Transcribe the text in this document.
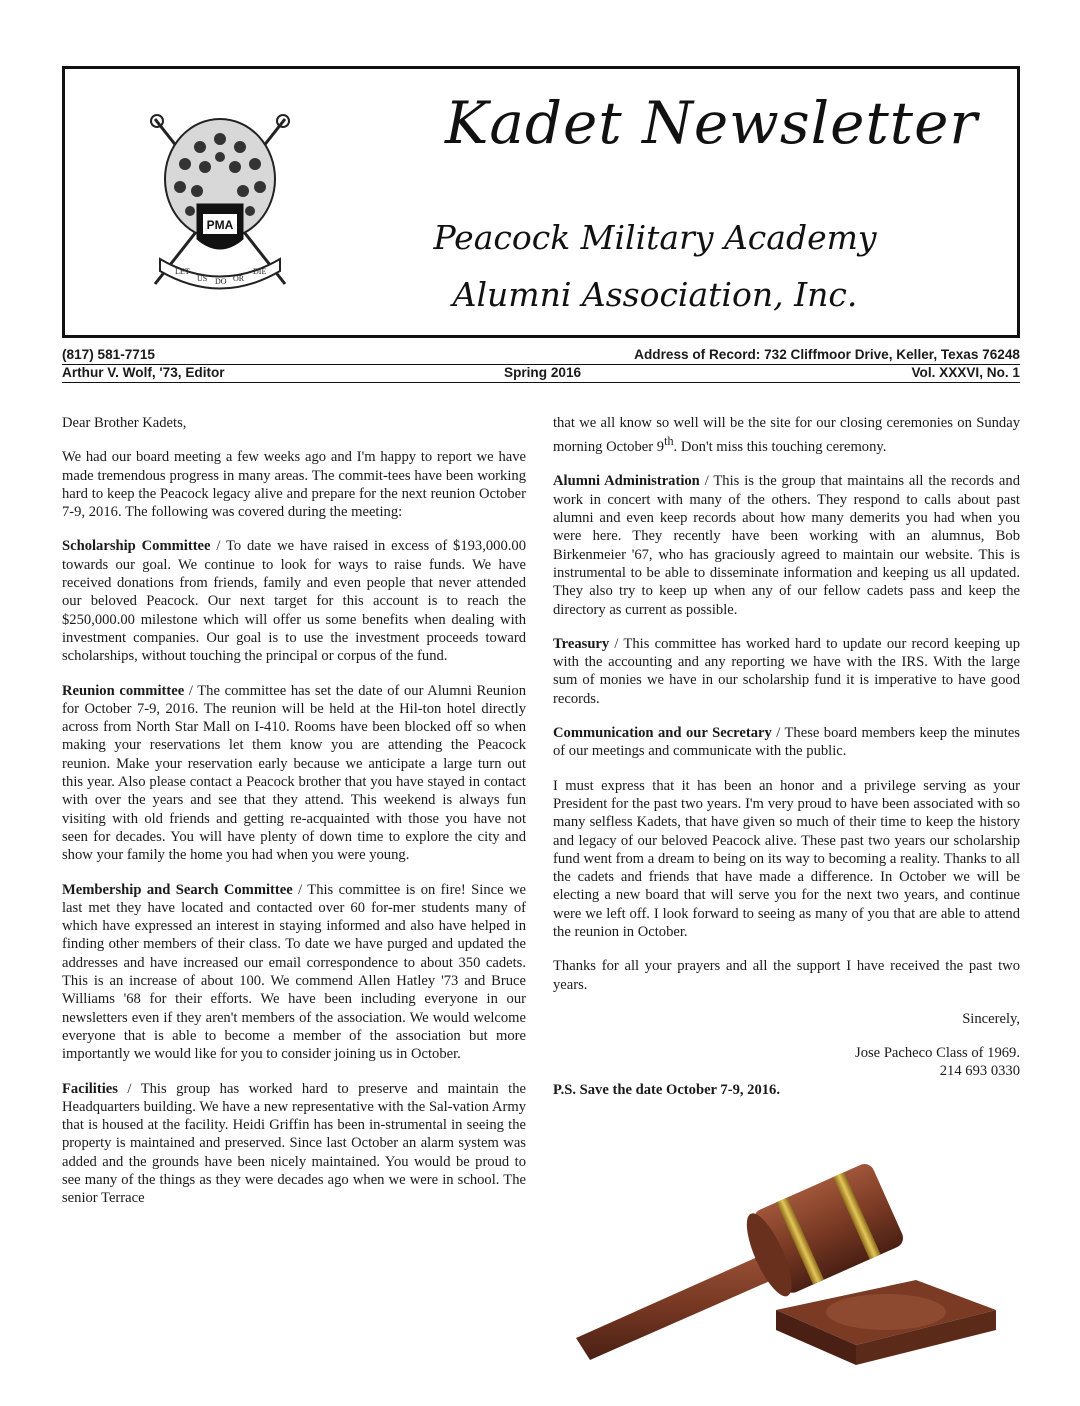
PMA
LET US DO OR DIE
Kadet Newsletter
Peacock Military Academy
Alumni Association, Inc.
(817) 581-7715	Address of Record: 732 Cliffmoor Drive, Keller, Texas 76248
Arthur V. Wolf, '73, Editor	Spring 2016	Vol. XXXVI, No. 1

Dear Brother Kadets,

We had our board meeting a few weeks ago and I'm happy to report we have made tremendous progress in many areas. The commit-tees have been working hard to keep the Peacock legacy alive and prepare for the next reunion October 7-9, 2016. The following was covered during the meeting:

Scholarship Committee / To date we have raised in excess of $193,000.00 towards our goal. We continue to look for ways to raise funds. We have received donations from friends, family and even people that never attended our beloved Peacock. Our next target for this account is to reach the $250,000.00 milestone which will offer us some benefits when dealing with investment companies. Our goal is to use the investment proceeds toward scholarships, without touching the principal or corpus of the fund.

Reunion committee / The committee has set the date of our Alumni Reunion for October 7-9, 2016. The reunion will be held at the Hil-ton hotel directly across from North Star Mall on I-410. Rooms have been blocked off so when making your reservations let them know you are attending the Peacock reunion. Make your reservation early because we anticipate a large turn out this year. Also please contact a Peacock brother that you have stayed in contact with over the years and see that they attend. This weekend is always fun visiting with old friends and getting re-acquainted with those you have not seen for decades. You will have plenty of down time to explore the city and show your family the home you had when you were young.

Membership and Search Committee / This committee is on fire! Since we last met they have located and contacted over 60 for-mer students many of which have expressed an interest in staying informed and also have helped in finding other members of their class. To date we have purged and updated the addresses and have increased our email correspondence to about 350 cadets. This is an increase of about 100. We commend Allen Hatley '73 and Bruce Williams '68 for their efforts. We have been including everyone in our newsletters even if they aren't members of the association. We would welcome everyone that is able to become a member of the association but more importantly we would like for you to consider joining us in October.

Facilities / This group has worked hard to preserve and maintain the Headquarters building. We have a new representative with the Sal-vation Army that is housed at the facility. Heidi Griffin has been in-strumental in seeing the property is maintained and preserved. Since last October an alarm system was added and the grounds have been nicely maintained. You would be proud to see many of the things as they were decades ago when we were in school. The senior Terrace

that we all know so well will be the site for our closing ceremonies on Sunday morning October 9th. Don't miss this touching ceremony.

Alumni Administration / This is the group that maintains all the records and work in concert with many of the others. They respond to calls about past alumni and even keep records about how many demerits you had when you were here. They recently have been working with an alumnus, Bob Birkenmeier '67, who has graciously agreed to maintain our website. This is instrumental to be able to disseminate information and keeping us all updated. They also try to keep up when any of our fellow cadets pass and keep the directory as current as possible.

Treasury / This committee has worked hard to update our record keeping up with the accounting and any reporting we have with the IRS. With the large sum of monies we have in our scholarship fund it is imperative to have good records.

Communication and our Secretary / These board members keep the minutes of our meetings and communicate with the public.

I must express that it has been an honor and a privilege serving as your President for the past two years. I'm very proud to have been associated with so many selfless Kadets, that have given so much of their time to keep the history and legacy of our beloved Peacock alive. These past two years our scholarship fund went from a dream to being on its way to becoming a reality. Thanks to all the cadets and friends that have made a difference. In October we will be electing a new board that will serve you for the next two years, and continue were we left off. I look forward to seeing as many of you that are able to attend the reunion in October.

Thanks for all your prayers and all the support I have received the past two years.

Sincerely,

Jose Pacheco Class of 1969.
214 693 0330

P.S. Save the date October 7-9, 2016.
